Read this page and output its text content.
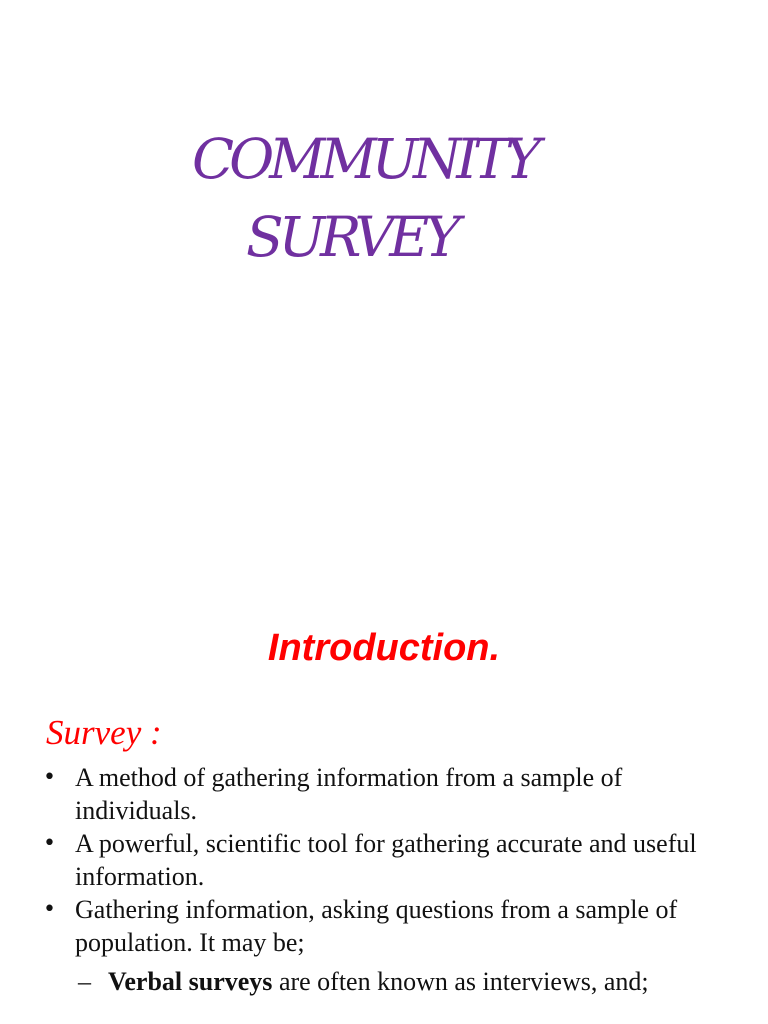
COMMUNITY
SURVEY
Introduction.
Survey :
• A method of gathering information from a sample of individuals.
• A powerful, scientific tool for gathering accurate and useful information.
• Gathering information, asking questions from a sample of population. It may be;
– Verbal surveys are often known as interviews, and;
